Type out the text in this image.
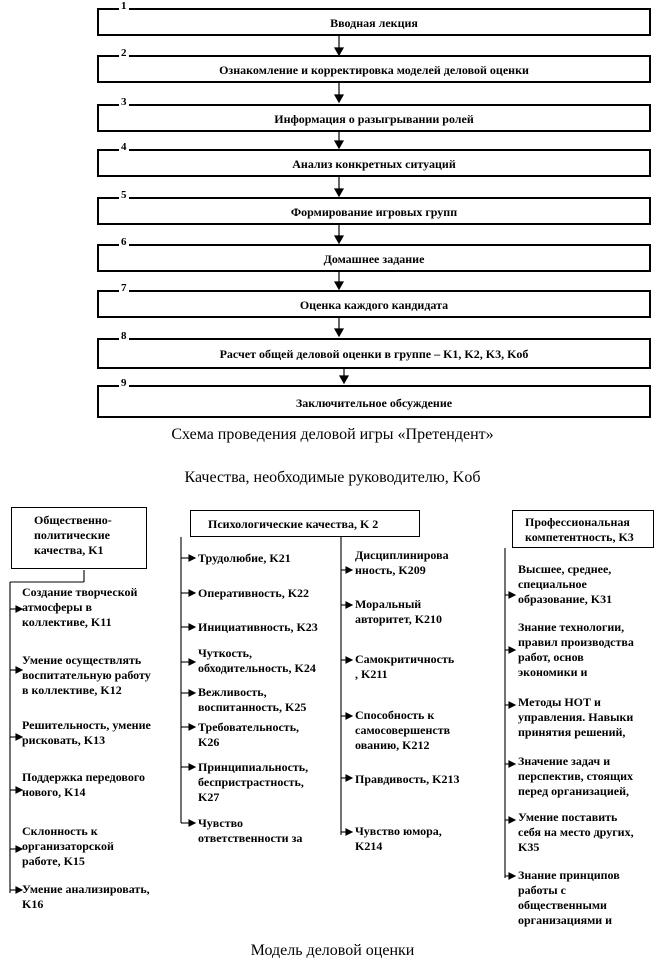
1
Вводная лекция
2
Ознакомление и корректировка моделей деловой оценки
3
Информация о разыгрывании ролей
4
Анализ конкретных ситуаций
5
Формирование игровых групп
6
Домашнее задание
7
Оценка каждого кандидата
8
Расчет общей деловой оценки в группе – K1, K2, K3, Kоб
9
Заключительное обсуждение
Схема проведения деловой игры «Претендент»
Качества, необходимые руководителю, Kоб
Общественно-
политические
качества, K1
Создание творческой
атмосферы в
коллективе, K11
Умение осуществлять
воспитательную работу
в коллективе, K12
Решительность, умение
рисковать, K13
Поддержка передового
нового, K14
Склонность к
организаторской
работе, K15
Умение анализировать,
K16
Психологические качества, K 2
Трудолюбие, K21
Оперативность, K22
Инициативность, K23
Чуткость,
обходительность, K24
Вежливость,
воспитанность, K25
Требовательность,
K26
Принципиальность,
беспристрастность,
K27
Чувство
ответственности за
Дисциплинирова
нность, K209
Моральный
авторитет, K210
Самокритичность
, K211
Способность к
самосовершенств
ованию, K212
Правдивость, K213
Чувство юмора,
K214
Профессиональная
компетентность, K3
Высшее, среднее,
специальное
образование, K31
Знание технологии,
правил производства
работ, основ
экономики и
Методы НОТ и
управления. Навыки
принятия решений,
Значение задач и
перспектив, стоящих
перед организацией,
Умение поставить
себя на место других,
K35
Знание принципов
работы с
общественными
организациями и
Модель деловой оценки
